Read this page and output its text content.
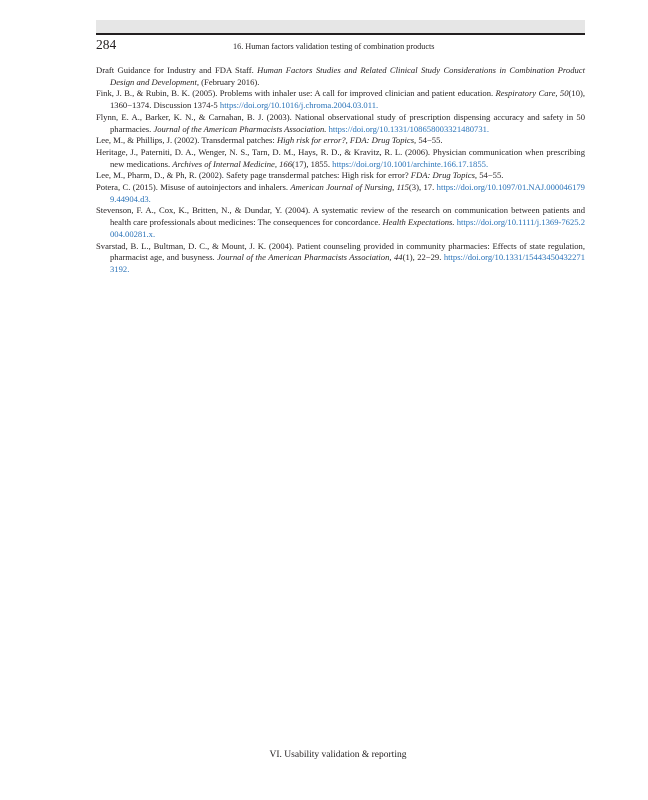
284	16. Human factors validation testing of combination products
Draft Guidance for Industry and FDA Staff. Human Factors Studies and Related Clinical Study Considerations in Combination Product Design and Development, (February 2016).
Fink, J. B., & Rubin, B. K. (2005). Problems with inhaler use: A call for improved clinician and patient education. Respiratory Care, 50(10), 1360−1374. Discussion 1374-5 https://doi.org/10.1016/j.chroma.2004.03.011.
Flynn, E. A., Barker, K. N., & Carnahan, B. J. (2003). National observational study of prescription dispensing accuracy and safety in 50 pharmacies. Journal of the American Pharmacists Association. https://doi.org/10.1331/108658003321480731.
Lee, M., & Phillips, J. (2002). Transdermal patches: High risk for error?, FDA: Drug Topics, 54−55.
Heritage, J., Paterniti, D. A., Wenger, N. S., Tarn, D. M., Hays, R. D., & Kravitz, R. L. (2006). Physician communication when prescribing new medications. Archives of Internal Medicine, 166(17), 1855. https://doi.org/10.1001/archinte.166.17.1855.
Lee, M., Pharm, D., & Ph, R. (2002). Safety page transdermal patches: High risk for error? FDA: Drug Topics, 54−55.
Potera, C. (2015). Misuse of autoinjectors and inhalers. American Journal of Nursing, 115(3), 17. https://doi.org/10.1097/01.NAJ.0000461799.44904.d3.
Stevenson, F. A., Cox, K., Britten, N., & Dundar, Y. (2004). A systematic review of the research on communication between patients and health care professionals about medicines: The consequences for concordance. Health Expectations. https://doi.org/10.1111/j.1369-7625.2004.00281.x.
Svarstad, B. L., Bultman, D. C., & Mount, J. K. (2004). Patient counseling provided in community pharmacies: Effects of state regulation, pharmacist age, and busyness. Journal of the American Pharmacists Association, 44(1), 22−29. https://doi.org/10.1331/154434504322713192.
VI. Usability validation & reporting
